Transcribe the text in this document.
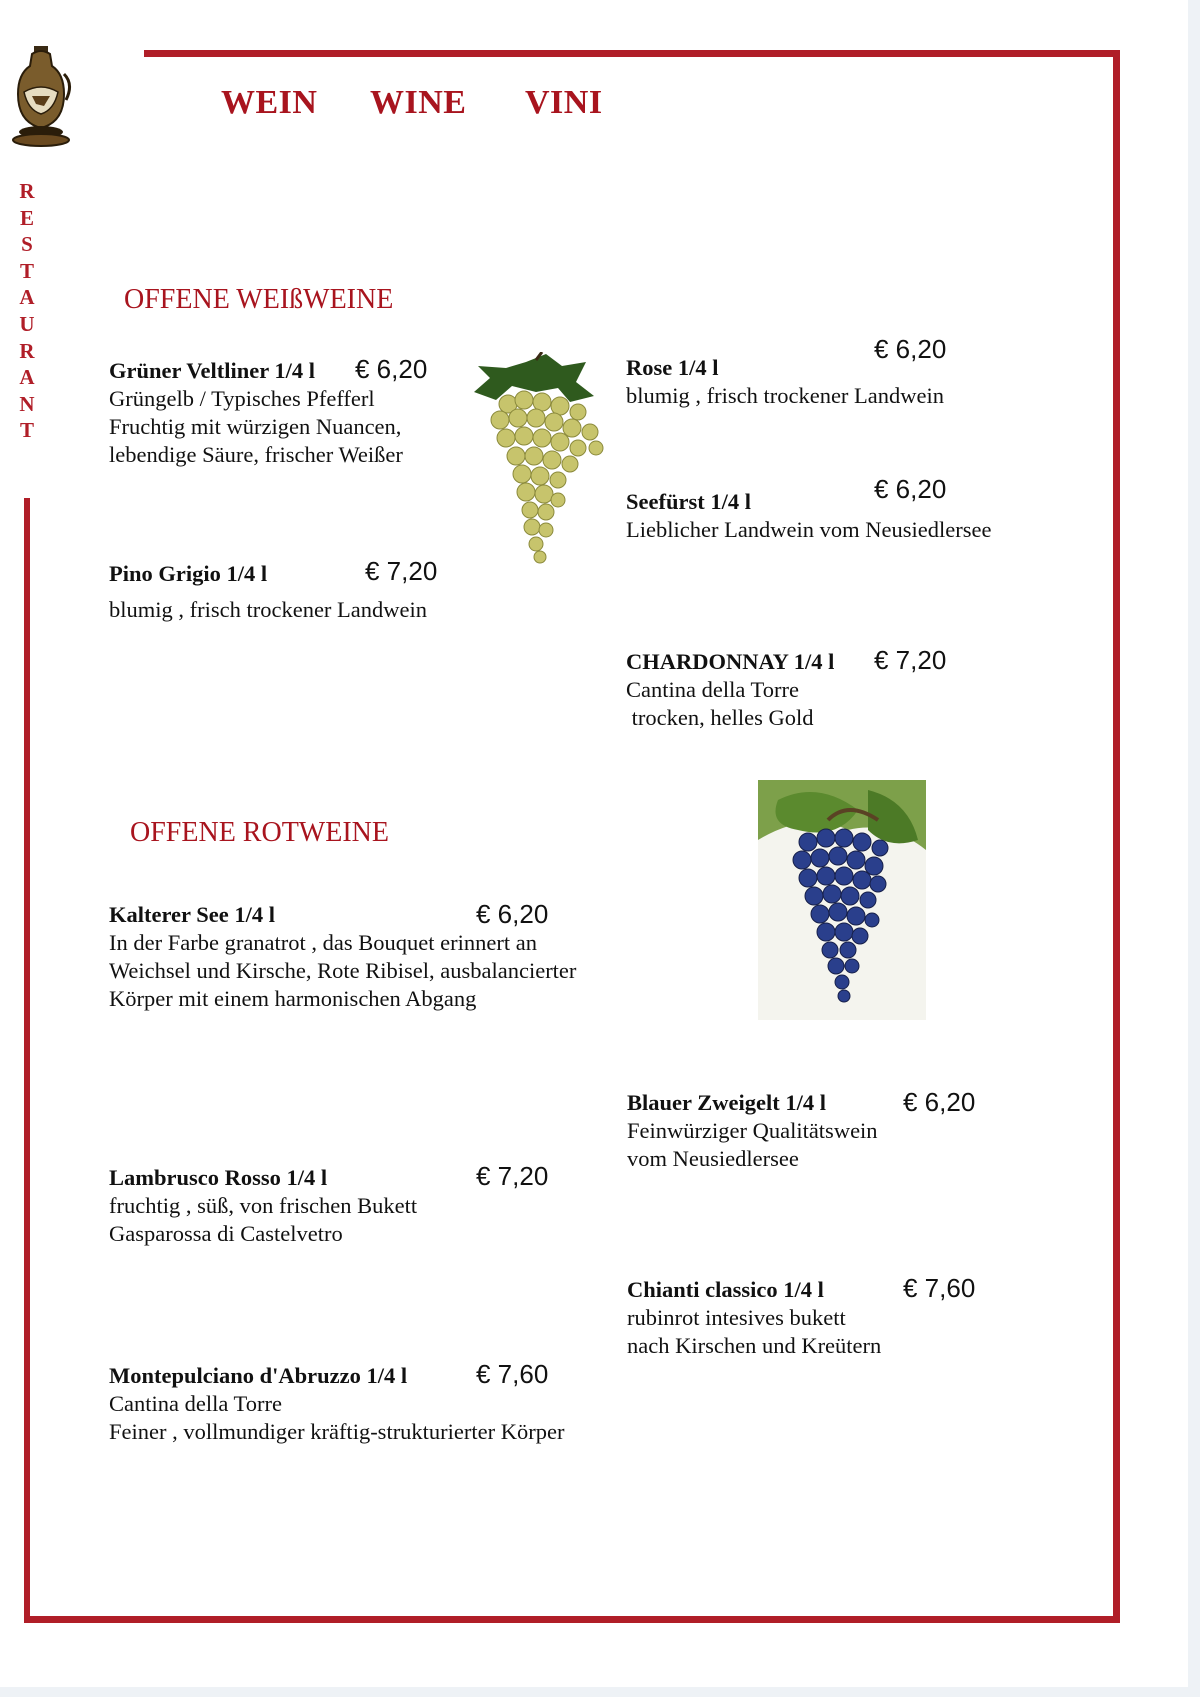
R
E
S
T
A
U
R
A
N
T
WEIN WINE VINI
OFFENE WEIßWEINE
Grüner Veltliner 1/4 l
Grüngelb / Typisches Pfefferl
Fruchtig mit würzigen Nuancen,
lebendige Säure, frischer Weißer
€ 6,20
Pino Grigio 1/4 l
blumig , frisch trockener Landwein
€ 7,20
Rose 1/4 l
blumig , frisch trockener Landwein
€ 6,20
Seefürst 1/4 l
Lieblicher Landwein vom Neusiedlersee
€ 6,20
CHARDONNAY 1/4 l
Cantina della Torre
trocken, helles Gold
€ 7,20
OFFENE ROTWEINE
Kalterer See 1/4 l
In der Farbe granatrot , das Bouquet erinnert an
Weichsel und Kirsche, Rote Ribisel, ausbalancierter
Körper mit einem harmonischen Abgang
€ 6,20
Blauer Zweigelt 1/4 l
Feinwürziger Qualitätswein
vom Neusiedlersee
€ 6,20
Lambrusco Rosso 1/4 l
fruchtig , süß, von frischen Bukett
Gasparossa di Castelvetro
€ 7,20
Chianti classico 1/4 l
rubinrot intesives bukett
nach Kirschen und Kreütern
€ 7,60
Montepulciano d'Abruzzo 1/4 l
Cantina della Torre
Feiner , vollmundiger kräftig-strukturierter Körper
€ 7,60
